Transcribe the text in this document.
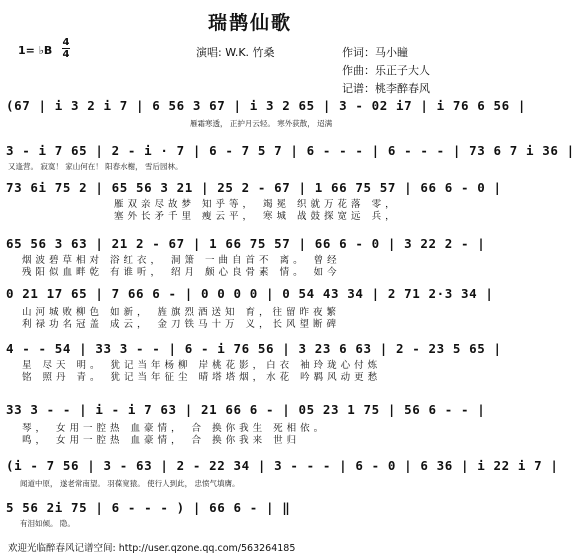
瑞鹊仙歌
1= ♭B
4
4	演唱: W.K. 竹桑	作词：马小瞳
作曲：乐正子大人
记谱：桃李醉春风
(67 | i 3 2 i 7 | 6 56 3 67 | i 3 2 65 | 3 - 02 i7 | i 76 6 56 |
雁霜寒透， 正护月云轻。 寒外荻散， 迢满
3 - i 7 65 | 2 - i · 7 | 6 - 7 5 7 | 6 - - - | 6 - - - | 73 6 7 i 36 |
又逢营。 寂寞！ 家山何在！ 阳春水榭， 雪后园林。
73 6i 75 2 | 65 56 3 21 | 25 2 - 67 | 1 66 75 57 | 66 6 - 0 |
雁双亲尽故梦 知乎等， 竭冕 织就万花落 零，
塞外长矛千里 瘦云平， 寒城 战鼓探宽远 兵，
65 56 3 63 | 21 2 - 67 | 1 66 75 57 | 66 6 - 0 | 3 22 2 - |
烟波碧草相对 浴红衣， 洞箫 一曲自首不 离。 曾经
残阳似血畔乾 有谁听， 绍月 颇心良骨素 情。 如今
0 21 17 65 | 7 66 6 - | 0 0 0 0 | 0 54 43 34 | 2 71 2·3 34 |
山河城败柳色 如新， 旌旗烈酒送知 育，往留昨夜繁
利禄功名冠盖 成云， 金刀铁马十万 义，长风望断碑
4 - - 54 | 33 3 - - | 6 - i 76 56 | 3 23 6 63 | 2 - 23 5 65 |
星 尽天 明。 犹记当年杨柳 岸桃花影，白衣 袖玲珑心付炼
铭 照丹 青。 犹记当年征尘 晴塔塔烟，水花 吟羁风动更愁
33 3 - - | i - i 7 63 | 21 66 6 - | 05 23 1 75 | 56 6 - - |
琴， 女用一腔热 血豪情， 合 换你我生 死相依。
鸣， 女用一腔热 血豪情， 合 换你我来 世归
(i - 7 56 | 3 - 63 | 2 - 22 34 | 3 - - - | 6 - 0 | 6 36 | i 22 i 7 |
闻道中原， 遂老常南望。 羽葆宽猿。 使行人到此， 忠愤气填膺。
5 56 2i 75 | 6 - - - ) | 66 6 - | ‖
有泪如倾。 隐。
欢迎光临醉春风记谱空间: http://user.qzone.qq.com/563264185
